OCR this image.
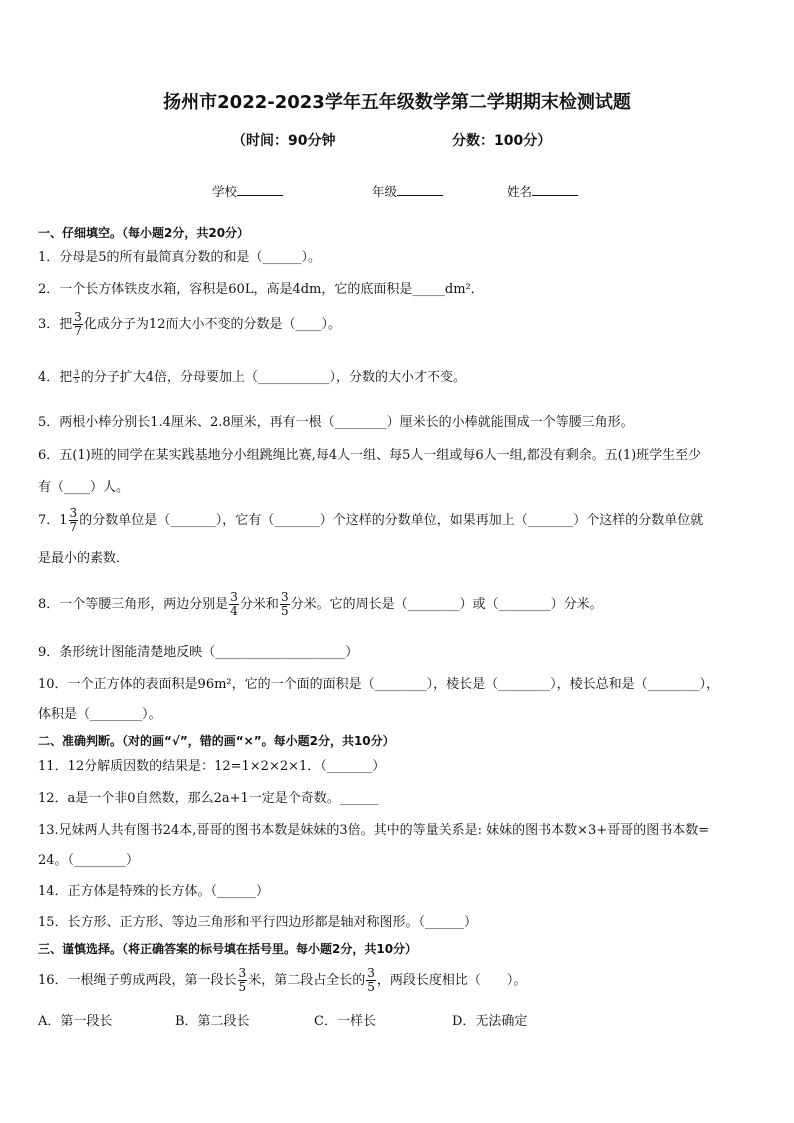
扬州市2022-2023学年五年级数学第二学期期末检测试题
（时间：90分钟	分数：100分）
学校	年级	姓名
一、仔细填空。（每小题2分，共20分）
1．分母是5的所有最简真分数的和是（______）。
2．一个长方体铁皮水箱，容积是60L，高是4dm，它的底面积是_____dm²．
3．把 $\frac{3}{7}$ 化成分子为12而大小不变的分数是（____）。
4．把 $\frac{3}{5}$ 的分子扩大4倍，分母要加上（___________），分数的大小才不变。
5．两根小棒分别长1.4厘米、2.8厘米，再有一根（________）厘米长的小棒就能围成一个等腰三角形。
6．五(1)班的同学在某实践基地分小组跳绳比赛,每4人一组、每5人一组或每6人一组,都没有剩余。五(1)班学生至少
有（____）人。
7．$1 \frac{3}{7}$ 的分数单位是（_______），它有（_______）个这样的分数单位，如果再加上（_______）个这样的分数单位就
是最小的素数．
8．一个等腰三角形，两边分别是 $\frac{3}{4}$ 分米和 $\frac{3}{5}$ 分米。它的周长是（________）或（________）分米。
9．条形统计图能清楚地反映（____________________）
10．一个正方体的表面积是96m²，它的一个面的面积是（________），棱长是（________），棱长总和是（________），
体积是（________）。
二、准确判断。（对的画“√”，错的画“×”。每小题2分，共10分）
11．12分解质因数的结果是：12=1×2×2×1．（_______）
12．a是一个非0自然数，那么2a+1一定是个奇数。______
13.兄妹两人共有图书24本,哥哥的图书本数是妹妹的3倍。其中的等量关系是: 妹妹的图书本数×3+哥哥的图书本数=
24。（________）
14．正方体是特殊的长方体。（______）
15．长方形、正方形、等边三角形和平行四边形都是轴对称图形。（______）
三、谨慎选择。（将正确答案的标号填在括号里。每小题2分，共10分）
16．一根绳子剪成两段，第一段长 $\frac{3}{5}$ 米，第二段占全长的 $\frac{3}{5}$ ，两段长度相比（　　）。
A．第一段长	B．第二段长	C．一样长	D．无法确定
